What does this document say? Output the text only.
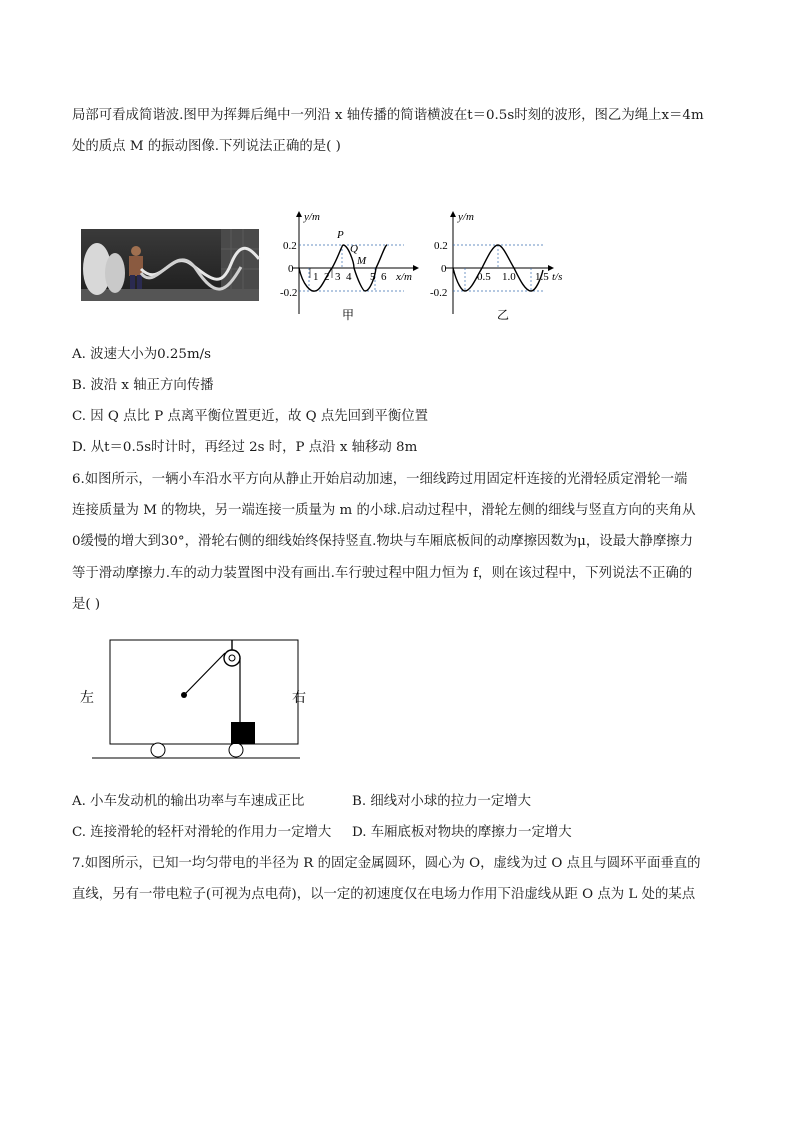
局部可看成简谐波.图甲为挥舞后绳中一列沿 x 轴传播的简谐横波在t＝0.5s时刻的波形，图乙为绳上x＝4m
处的质点 M 的振动图像.下列说法正确的是( )
0.2
0
-0.2
1 2 3 4 5 6
y/m
x/m
P
Q
M
甲
0.2
0
-0.2
0.5 1.0 1.5
y/m
t/s
乙
A. 波速大小为0.25m/s
B. 波沿 x 轴正方向传播
C. 因 Q 点比 P 点离平衡位置更近，故 Q 点先回到平衡位置
D. 从t＝0.5s时计时，再经过 2s 时，P 点沿 x 轴移动 8m
6.如图所示，一辆小车沿水平方向从静止开始启动加速，一细线跨过用固定杆连接的光滑轻质定滑轮一端
连接质量为 M 的物块，另一端连接一质量为 m 的小球.启动过程中，滑轮左侧的细线与竖直方向的夹角从
0缓慢的增大到30°，滑轮右侧的细线始终保持竖直.物块与车厢底板间的动摩擦因数为μ，设最大静摩擦力
等于滑动摩擦力.车的动力装置图中没有画出.车行驶过程中阻力恒为 f，则在该过程中，下列说法不正确的
是( )
左	右
A. 小车发动机的输出功率与车速成正比	B. 细线对小球的拉力一定增大
C. 连接滑轮的轻杆对滑轮的作用力一定增大 D. 车厢底板对物块的摩擦力一定增大
7.如图所示，已知一均匀带电的半径为 R 的固定金属圆环，圆心为 O，虚线为过 O 点且与圆环平面垂直的
直线，另有一带电粒子(可视为点电荷)，以一定的初速度仅在电场力作用下沿虚线从距 O 点为 L 处的某点
